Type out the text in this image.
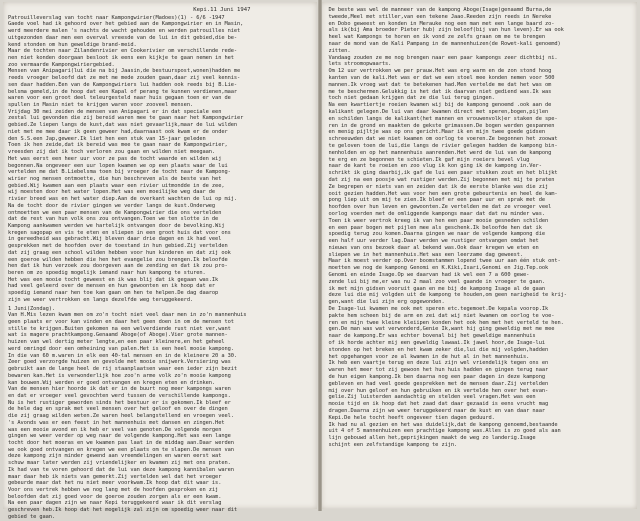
Kepi.11 Juni 1947
Patrouilleverslag van tocht naar Kampongwirier(Madoes)(1) - 6/6 -1947
Gaede voel had ik gehoord over het gebied aan de Kampongwirier en in Masin,
werd meerdere malen 's nachts de wacht gehouden en werden patrouilles niet
uitgezonden daar men een overval vreesde van de lui in dit gebied,die be-
kend stonden om hun geweldige brand-meid.
Maar de tochten naar Zilandenrivier en Cookerivier om verschillende rede-
nen niet konden doorgaan besloot ik eens een kijkje te gaan nemen in het
zoo vermaarde Kampongwiriergebied.
Mensen van Anipagari(lui die na bij Jaasin,de bestuurspost,wonen)hadden me
reeds vroeger beloofd dat ze met me mede zouden gaan,daar zij veel kennis-
sen daar hadden.Een van de Kampongwiriers lui hadden ook reeds bij B.Lie-
belsma gemeld,in de hoop dat een Kapal of perang te kunnen verdienen,maar
waren voor een groot deel teleurgesteld naar huis gegaan toen er van de
spullen in Masin niet te krijgen waren voor zooveel mensen.
Vrijdag 30 mei zeiden de mensen van Anipagari er in dat speciale een
zestal lui gevonden die zij bereid waren mee te gaan naar het Kampongwirier
gebied.Ze liepen langs de kust,dat was niet gevaarlijk,maar de lui wilden
niet met me mee daar ik geen geweer had,daarnaast ook kwam er de onder
den S.S.een Jap,geweer.Ik liet hen een stuk van 15-jaar geleden
Toen ik hen zeide,dat ik bereid was mee te gaan naar de Kampongwirier,
vreesden zij dat ik toch verloren zou gaan en wilden niet meegaan.
Het was eerst een heer uur voor ze pas de tocht waarde en wilden wij
begonnen.Na ongeveer een uur lopen kwamen we op een plaats waar de lui
vertelden me dat B.Liebelsma toen bij vroeger de tocht naar de Kampong-
wirier nog mensen ontmoette, die hun beschreven als de beste van het
gebied.Wij kwamen aan een plaats waar een rivier uitmondde in de zee,
wij moesten door het water lopen.Het was een moeilijke weg daar de
rivier breed was en het water diep.Aan de overkant wachten de lui op mij.
Na de tocht door de rivier gingen we verder langs de kust.Onderweg
ontmoetten we een paar mensen van de Kampongwirier die ons vertelden
dat de rest van hun volk ons zou ontvangen.Toen we ten slotte in de
Kampong aankwamen werden we hartelijk ontvangen door de bevolking.Wij
kregen sagopap en vis te eten en sliepen in een groot huis dat voor ons
in gereedheid was gebracht.Wij bleven daar drie dagen en ik had veel
gesprekken met de hoofden over de toestand in hun gebied.Zij vertelden
dat zij graag een school wilden hebben voor hun kinderen en dat zij ook
een goeroe wilden hebben die hen het evangelie zou brengen.Ik beloofde
hen dat ik hun verzoek zou doorgeven aan de zending en dat ik zou pro-
beren om zo spoedig mogelijk iemand naar hun kampong te sturen.
Het was een mooie tocht geweest en ik was blij dat ik gegaan was.Ik
had veel geleerd over de mensen en hun gewoonten en ik hoop dat er
spoedig iemand naar hen toe kan gaan om hen te helpen.De dag daarop
zijn we weer vertrokken en langs dezelfde weg teruggekeerd.
1 Juni(Zondag).
Van H.Mis lezen kwam men om zo'n tocht niet veel daar men in zo'n mannenhuis
geen plaats er voor kan vinden en daar het geen doen in om de mensen tot
stille te krijgen.Buiten gekomen na een welverdiende rust niet ver,want
wat is magere prachtkampong.Genaamd Aboge(of Aboge).Vier grote mannen-
huizen van wel dertig meter lengte,en een paar kleinere,en het geheel
werd omringd door een omheining van palen.Het is een heel mooie kampong.
In die van 60 m.waren in elk een 40-tal mensen en in de kleinere 20 a 30.
Zeer goed verzorgde huizen en gevolde met mooie snijwerk.Versiering was
gebruikt aan de lange heel de rij staanplaatsen waar een ieder zijn bezit
bewaren kan.Het is verwonderlijk hoe zoo'n arme volk zo'n mooie kampong
kan bouwen.Wij werden er goed ontvangen en kregen eten en drinken.
Van de mensen hier hoorde ik dat er in de buurt nog meer kampongs waren
en dat er vroeger veel gevochten werd tussen de verschillende kampongs.
Nu is het rustiger geworden sinds het bestuur er is gekomen.Ik bleef er
de hele dag en sprak met veel mensen over het geloof en over de dingen
die zij graag wilden weten.Ze waren heel belangstellend en vroegen veel.
's Avonds was er een feest in het mannenhuis met dansen en zingen.Het
was een mooie avond en ik heb er veel van genoten.De volgende morgen
gingen we weer verder op weg naar de volgende kampong.Het was een lange
tocht door het moeras en we kwamen pas laat in de middag aan.Daar werden
we ook goed ontvangen en kregen we een plaats om te slapen.De mensen van
deze kampong zijn minder gewend aan vreemdelingen en waren eerst wat
schuw maar later werden zij vriendelijker en kwamen zij met ons praten.
Ik had van te voren gehoord dat de lui van deze kampong kannibalen waren
maar daar heb ik niets van gemerkt.Zij vertelden wel dat het vroeger
gebeurde maar dat het nu niet meer voorkwam.Ik hoop dat dit waar is.
Voor ons vertrek hebben we nog lang met de hoofden gesproken en zij
beloofden dat zij goed voor de goeroe zouden zorgen als er een kwam.
Na een paar dagen zijn we naar Kepi teruggekeerd waar ik dit verslag
geschreven heb.Ik hoop dat het mogelijk zal zijn om spoedig weer naar dit
gebied te gaan.
De beste was wel de manneer van de kampong Aboge(Isage)genaamd Burna,de
tweede,Meel met stiller,van een tekene Jaao.Reeden zijn reeds in Nereke
en Dobo geweest en konden in Merauke nog een man met een lange baard zo-
als ik(bij Ama broeder Pieter hub) zijn beloof(bij van hun leven).Er wa ook
heel wat Kampongs te horen en ik vond ze zelfs graan om me te brengen
naar de mond van de Kali Pampang in de mannenhuizen(de Rowet-kali genoemd)
zitten.
Vandaag zouden ze me nog brengen naar een paar kampongs zeer dichtbij ni.
lets stroomopwaarts.
Om 12 uur vertrokken we per prauw.Het was erg warm en de zon stond hoog
kanten van de kali.Het was er dat we een stoel mee konden nemen voor 500
mannen.Ik vroeg wat dat te betekenen had.Men vertelde me dat het was om
me te beschermen.Gelukkig is het dat ik daarvan niet gediend was.Ik was
toch niet gedaan krijgen dat ze die lui terug gingen.
Na een kwartiertje roeien kwamen wij bij de kampong genoemd .ook aan de
kalikant gelegen.De lui van daar kwamen direct met speren,bogen,pijlen
en schilden langs de kalikant(het mannen en vrouwenvolk)er staken de spe-
ren in de grond en maakten de gekste grimassen.De bogen werden gespannen
en menig pijltje was op ons gericht.Maar ik en mijn twee goede gidsen
schreeuwden dat we niet kwamen om oorlog te voeren.Ze begonnen het zoowat
te geloven toen de lui,die langs de rivier gelegen hadden de kampong bin-
nenholden en op het mannenhuis aanrenden.Het werd de lui van de kampong
te erg en ze begonnen te schieten.Ik gaf mijn roeiers bevel vlug
naar de kant te roeien en zoo vlug ik kon ging ik de kampong in.Ver-
schrikt ik ging daarbij,ik gaf de lui een paar stukken zout en het blijkt
dat zij na een poosje wat rustiger werden.Zij begonnen met mij te praten
Ze begrepen er niets van en zeiden dat ik de eerste blanke was die zij
ooit gezien hadden.Het was voor hen een grote gebeurtenis en heel de kam-
pong liep uit om mij te zien.Ik bleef er een paar uur en sprak met de
hoofden over hun leven en gewoonten.Ze vertelden me dat ze vroeger veel
oorlog voerden met de omliggende kampongs maar dat dat nu minder was.
Toen ik weer vertrok kreeg ik van hen een paar mooie gesneden schilden
en een paar bogen met pijlen mee als geschenk.Ik beloofde hen dat ik
spoedig terug zou komen.Daarna gingen we naar de volgende kampong die
een half uur verder lag.Daar werden we rustiger ontvangen omdat het
nieuws van ons bezoek daar al bekend was.Ook daar kregen we eten en
sliepen we in het mannenhuis.Het was een leerzame dag geweest.
Maar ik moest verder op.Over boomstammen lopend twee uur aan één stuk ont-
moetten we nog de kampong Genomi en K.Kiki,Isari,Genomi en Jig.Tep.ook
Genomi en einde Isage.Op we daarvan had ik wel een 7 a 600 gewe-
zende lui bij me,er was nu 2 maal zoo veel gaande in vroeger te gaan.
ik met mijn gidsen vooruit gaan en me bij de kampong Isage al de gaan
deze lui die mij volgden uit de kampong te houden,om geen narigheid te krij-
gen,want die lui zijn erg opgewonden.
De Isage-lui kwamen me ook met speren etc.tegemoet.De kepala voorop.Ik
pakte hem scheen bij de arm en zei dat wij niet kwamen om oorlog te voe-
ren en mijn twee kleine kleiipen konden het ook hem met het verteld te hen.
gen.De man was wat verwonderd,Genie Ik,want hij ging geweldig met me mee
naar de kampong.Er was echter bovenal bij het geweldige mannenhuis
of ik horde achter mij een geweldig lawaai.Ik jawel hoor,de Isage-lui
stonden op het breken en het kwam zeker die,lui die mij volgden,hadden
het opgehangen voor ze al kwamen in de hut al in het mannenhuis.
Ik heb een vaartje terug en deze lui zijn wel vriendelijk tegen ons en
waren het meer tot zij gewoon het hun huis hadden en gingen terug naar
de hun eigen kampong.Ik ben daarna nog een paar dagen in deze kampong
gebleven en had veel goede gesprekken met de mensen daar.Zij vertelden
mij over hun geloof en hun gebruiken en ik vertelde hen over het evan-
gelie.Zij luisterden aandachtig en stelden veel vragen.Het was een
mooie tijd en ik hoop dat het zaad dat daar gezaaid is eens vrucht mag
dragen.Daarna zijn we weer teruggekeerd naar de kust en van daar naar
Kepi.De hele tocht heeft ongeveer tien dagen geduurd.
Ik had nu al gezien en het was duidelijk,dat de kampong genoemd,bestaande
uit 4 of 5 mannenhuizen een prachtige kampong was.Alles is zo goed als aan
lijn gebouwd allen het,geprijkingen maakt de weg zo landerig.Isage
schijnt een zelfstandige kampong te zijn.
